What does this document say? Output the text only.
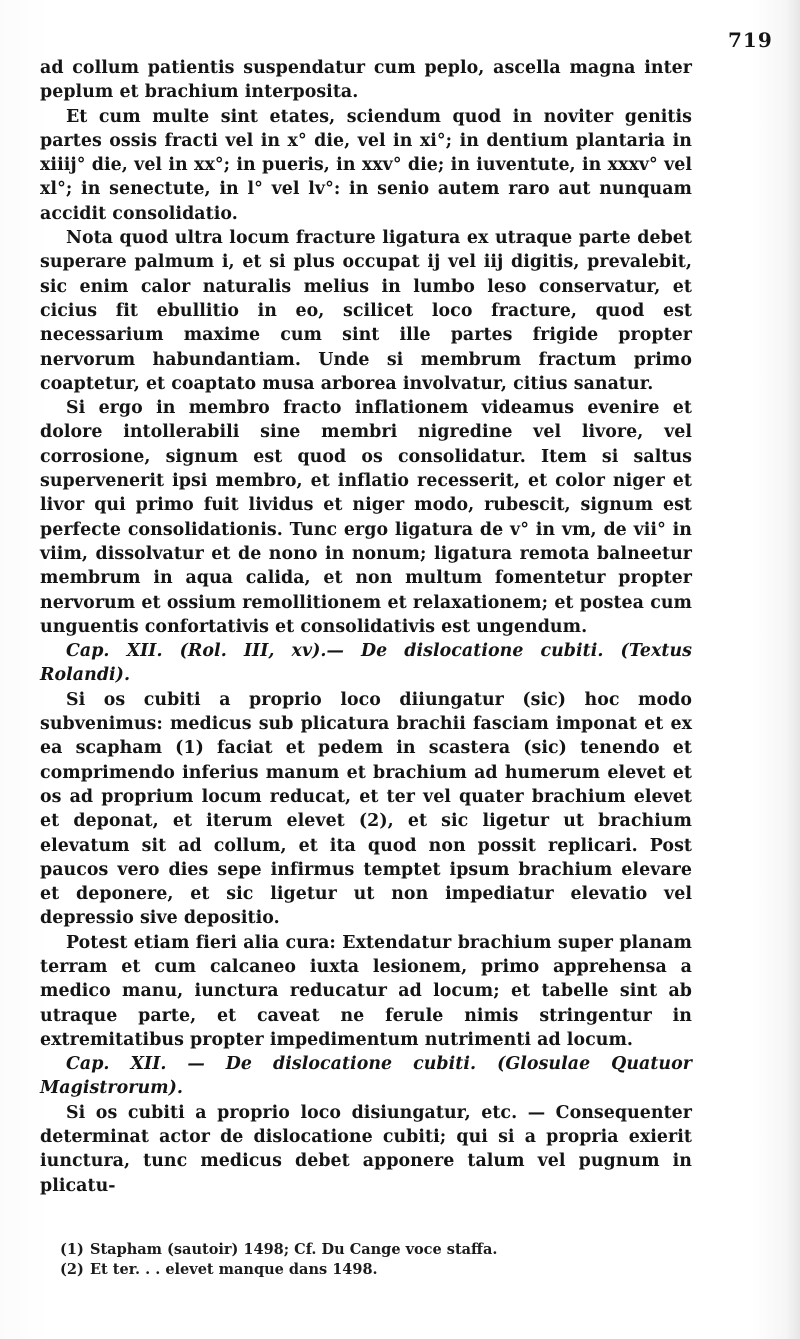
719

ad collum patientis suspendatur cum peplo, ascella magna inter peplum et brachium interposita.

Et cum multe sint etates, sciendum quod in noviter genitis partes ossis fracti vel in x° die, vel in xi°; in dentium plantaria in xiiij° die, vel in xx°; in pueris, in xxv° die; in iuventute, in xxxv° vel xl°; in senectute, in l° vel lv°: in senio autem raro aut nunquam accidit consolidatio.

Nota quod ultra locum fracture ligatura ex utraque parte debet superare palmum i, et si plus occupat ij vel iij digitis, prevalebit, sic enim calor naturalis melius in lumbo leso conservatur, et cicius fit ebullitio in eo, scilicet loco fracture, quod est necessarium maxime cum sint ille partes frigide propter nervorum habundantiam. Unde si membrum fractum primo coaptetur, et coaptato musa arborea involvatur, citius sanatur.

Si ergo in membro fracto inflationem videamus evenire et dolore intollerabili sine membri nigredine vel livore, vel corrosione, signum est quod os consolidatur. Item si saltus supervenerit ipsi membro, et inflatio recesserit, et color niger et livor qui primo fuit lividus et niger modo, rubescit, signum est perfecte consolidationis. Tunc ergo ligatura de v° in vm, de vii° in viim, dissolvatur et de nono in nonum; ligatura remota balneetur membrum in aqua calida, et non multum fomentetur propter nervorum et ossium remollitionem et relaxationem; et postea cum unguentis confortativis et consolidativis est ungendum.

Cap. XII. (Rol. III, xv).— De dislocatione cubiti. (Textus Rolandi).

Si os cubiti a proprio loco diiungatur (sic) hoc modo subvenimus: medicus sub plicatura brachii fasciam imponat et ex ea scapham (1) faciat et pedem in scastera (sic) tenendo et comprimendo inferius manum et brachium ad humerum elevet et os ad proprium locum reducat, et ter vel quater brachium elevet et deponat, et iterum elevet (2), et sic ligetur ut brachium elevatum sit ad collum, et ita quod non possit replicari. Post paucos vero dies sepe infirmus temptet ipsum brachium elevare et deponere, et sic ligetur ut non impediatur elevatio vel depressio sive depositio.

Potest etiam fieri alia cura: Extendatur brachium super planam terram et cum calcaneo iuxta lesionem, primo apprehensa a medico manu, iunctura reducatur ad locum; et tabelle sint ab utraque parte, et caveat ne ferule nimis stringentur in extremitatibus propter impedimentum nutrimenti ad locum.

Cap. XII. — De dislocatione cubiti. (Glosulae Quatuor Magistrorum).

Si os cubiti a proprio loco disiungatur, etc. — Consequenter determinat actor de dislocatione cubiti; qui si a propria exierit iunctura, tunc medicus debet apponere talum vel pugnum in plicatu-

(1) Stapham (sautoir) 1498; Cf. Du Cange voce staffa.

(2) Et ter. . . elevet manque dans 1498.
